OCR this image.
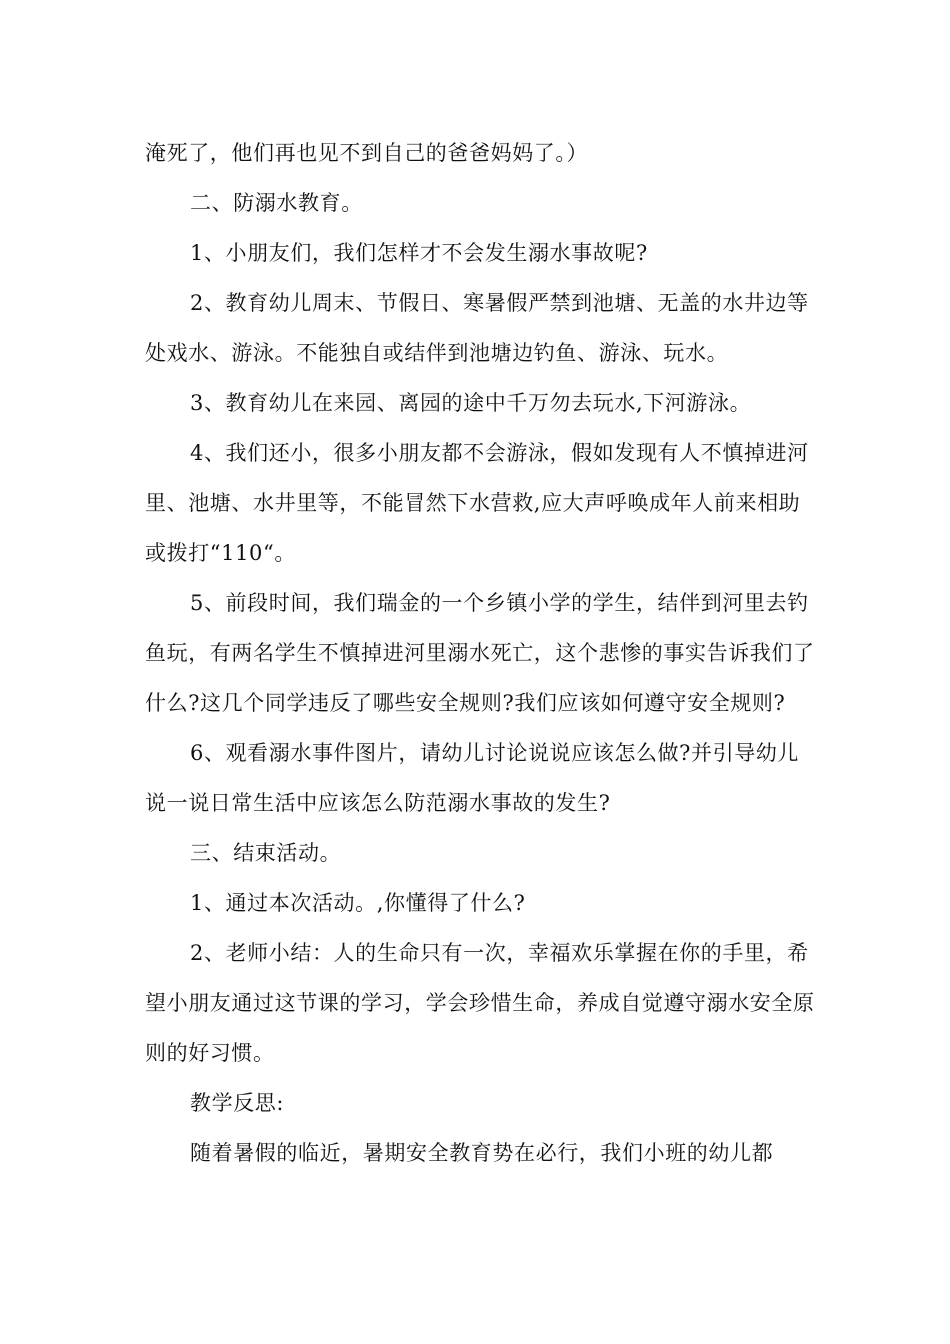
淹死了，他们再也见不到自己的爸爸妈妈了。）

二、防溺水教育。

1、小朋友们，我们怎样才不会发生溺水事故呢?

2、教育幼儿周末、节假日、寒暑假严禁到池塘、无盖的水井边等处戏水、游泳。不能独自或结伴到池塘边钓鱼、游泳、玩水。

3、教育幼儿在来园、离园的途中千万勿去玩水,下河游泳。

4、我们还小，很多小朋友都不会游泳，假如发现有人不慎掉进河里、池塘、水井里等，不能冒然下水营救,应大声呼唤成年人前来相助或拨打“110“。

5、前段时间，我们瑞金的一个乡镇小学的学生，结伴到河里去钓鱼玩，有两名学生不慎掉进河里溺水死亡，这个悲惨的事实告诉我们了什么?这几个同学违反了哪些安全规则?我们应该如何遵守安全规则?

6、观看溺水事件图片，请幼儿讨论说说应该怎么做?并引导幼儿说一说日常生活中应该怎么防范溺水事故的发生?

三、结束活动。

1、通过本次活动。,你懂得了什么?

2、老师小结：人的生命只有一次，幸福欢乐掌握在你的手里，希望小朋友通过这节课的学习，学会珍惜生命，养成自觉遵守溺水安全原则的好习惯。

教学反思:

随着暑假的临近，暑期安全教育势在必行，我们小班的幼儿都
